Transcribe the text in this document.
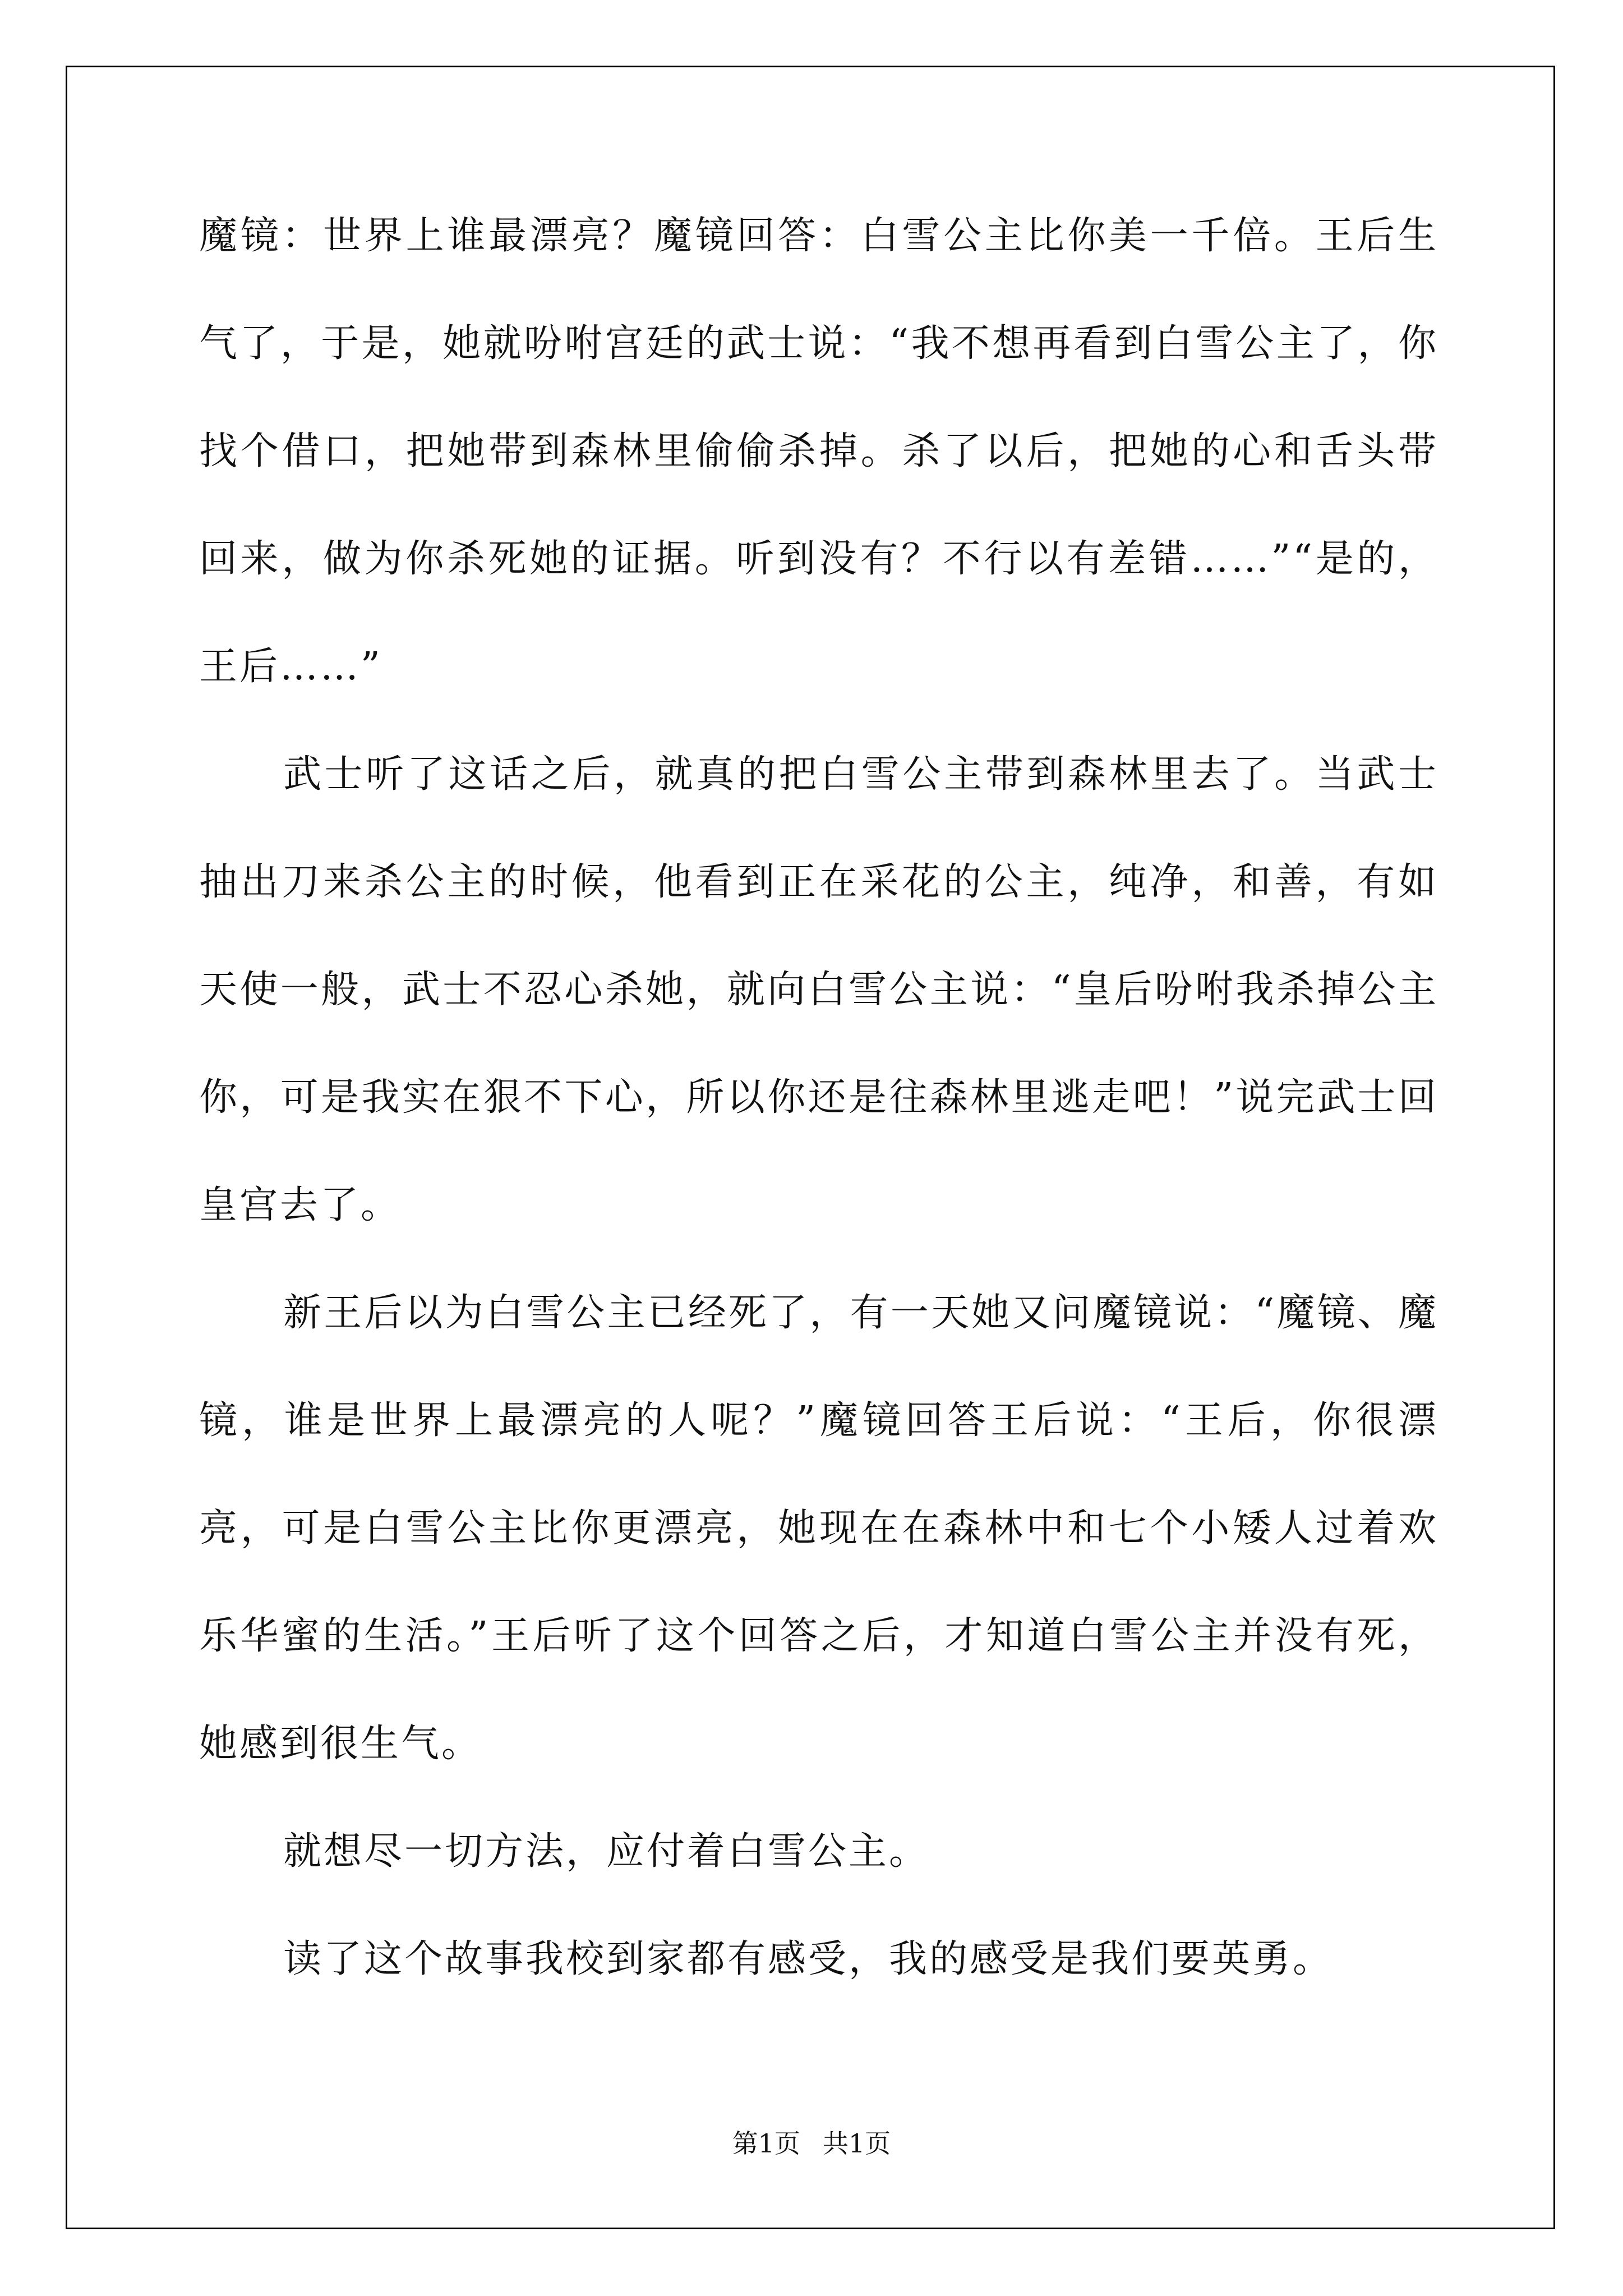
魔镜：世界上谁最漂亮？魔镜回答：白雪公主比你美一千倍。王后生气了，于是，她就吩咐宫廷的武士说：“我不想再看到白雪公主了，你找个借口，把她带到森林里偷偷杀掉。杀了以后，把她的心和舌头带回来，做为你杀死她的证据。听到没有？不行以有差错……”“是的，王后……”

武士听了这话之后，就真的把白雪公主带到森林里去了。当武士抽出刀来杀公主的时候，他看到正在采花的公主，纯净，和善，有如天使一般，武士不忍心杀她，就向白雪公主说：“皇后吩咐我杀掉公主你，可是我实在狠不下心，所以你还是往森林里逃走吧！”说完武士回皇宫去了。

新王后以为白雪公主已经死了，有一天她又问魔镜说：“魔镜、魔镜，谁是世界上最漂亮的人呢？”魔镜回答王后说：“王后，你很漂亮，可是白雪公主比你更漂亮，她现在在森林中和七个小矮人过着欢乐华蜜的生活。”王后听了这个回答之后，才知道白雪公主并没有死，她感到很生气。

就想尽一切方法，应付着白雪公主。

读了这个故事我校到家都有感受，我的感受是我们要英勇。

第1页 共1页
